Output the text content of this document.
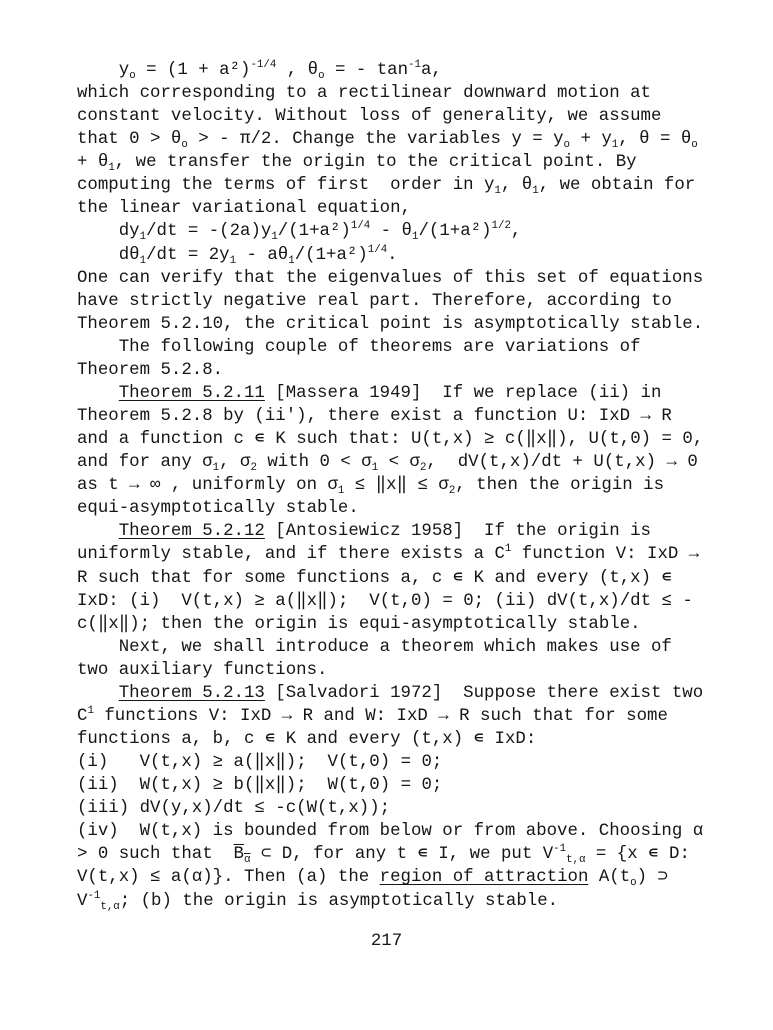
$y_o = (1 + a^2)^{-1/4}$ , $\theta_o$ = - $\tan^{-1}a$,
which corresponding to a rectilinear downward motion at
constant velocity. Without loss of generality, we assume
that $0 > \theta_o$ > - π/2. Change the variables $y = y_o + y_1$, $\theta = \theta_o$
+ $\theta_1$, we transfer the origin to the critical point. By
computing the terms of first  order in $y_1$, $\theta_1$, we obtain for
the linear variational equation,
$dy_1/dt = -(2a)y_1/(1+a^2)^{1/4} - \theta_1/(1+a^2)^{1/2}$,
$d\theta_1/dt = 2y_1 - a\theta_1/(1+a^2)^{1/4}$.
One can verify that the eigenvalues of this set of equations
have strictly negative real part. Therefore, according to
Theorem 5.2.10, the critical point is asymptotically stable.
The following couple of theorems are variations of
Theorem 5.2.8.
Theorem 5.2.11 [Massera 1949]  If we replace (ii) in
Theorem 5.2.8 by (ii'), there exist a function U: IxD → R
and a function c ∊ K such that: U(t,x) ≥ c(‖x‖), U(t,0) = 0,
and for any $\sigma_1$, $\sigma_2$ with $0 < \sigma_1 < \sigma_2$,  dV(t,x)/dt + U(t,x) → 0
as t → ∞ , uniformly on $\sigma_1$ ≤ ‖x‖ ≤ $\sigma_2$, then the origin is
equi-asymptotically stable.
Theorem 5.2.12 [Antosiewicz 1958]  If the origin is
uniformly stable, and if there exists a $C^1$ function V: IxD →
R such that for some functions a, c ∊ K and every (t,x) ∊
IxD: (i)  V(t,x) ≥ a(‖x‖);  V(t,0) = 0; (ii) dV(t,x)/dt ≤ -
c(‖x‖); then the origin is equi-asymptotically stable.
Next, we shall introduce a theorem which makes use of
two auxiliary functions.
Theorem 5.2.13 [Salvadori 1972]  Suppose there exist two
$C^1$ functions V: IxD → R and W: IxD → R such that for some
functions a, b, c ∊ K and every (t,x) ∊ IxD:
(i)   V(t,x) ≥ a(‖x‖);  V(t,0) = 0;
(ii)  W(t,x) ≥ b(‖x‖);  W(t,0) = 0;
(iii) dV(y,x)/dt ≤ -c(W(t,x));
(iv)  W(t,x) is bounded from below or from above. Choosing α
> 0 such that  $B_\alpha$ ⊂ D, for any t ∊ I, we put $V^{-1}_{t,\alpha} = \{x$ ∊ D:
V(t,x) ≤ a(α)}. Then (a) the region of attraction $A(t_o)$ ⊃
$V^{-1}_{t,\alpha}$; (b) the origin is asymptotically stable.
217
